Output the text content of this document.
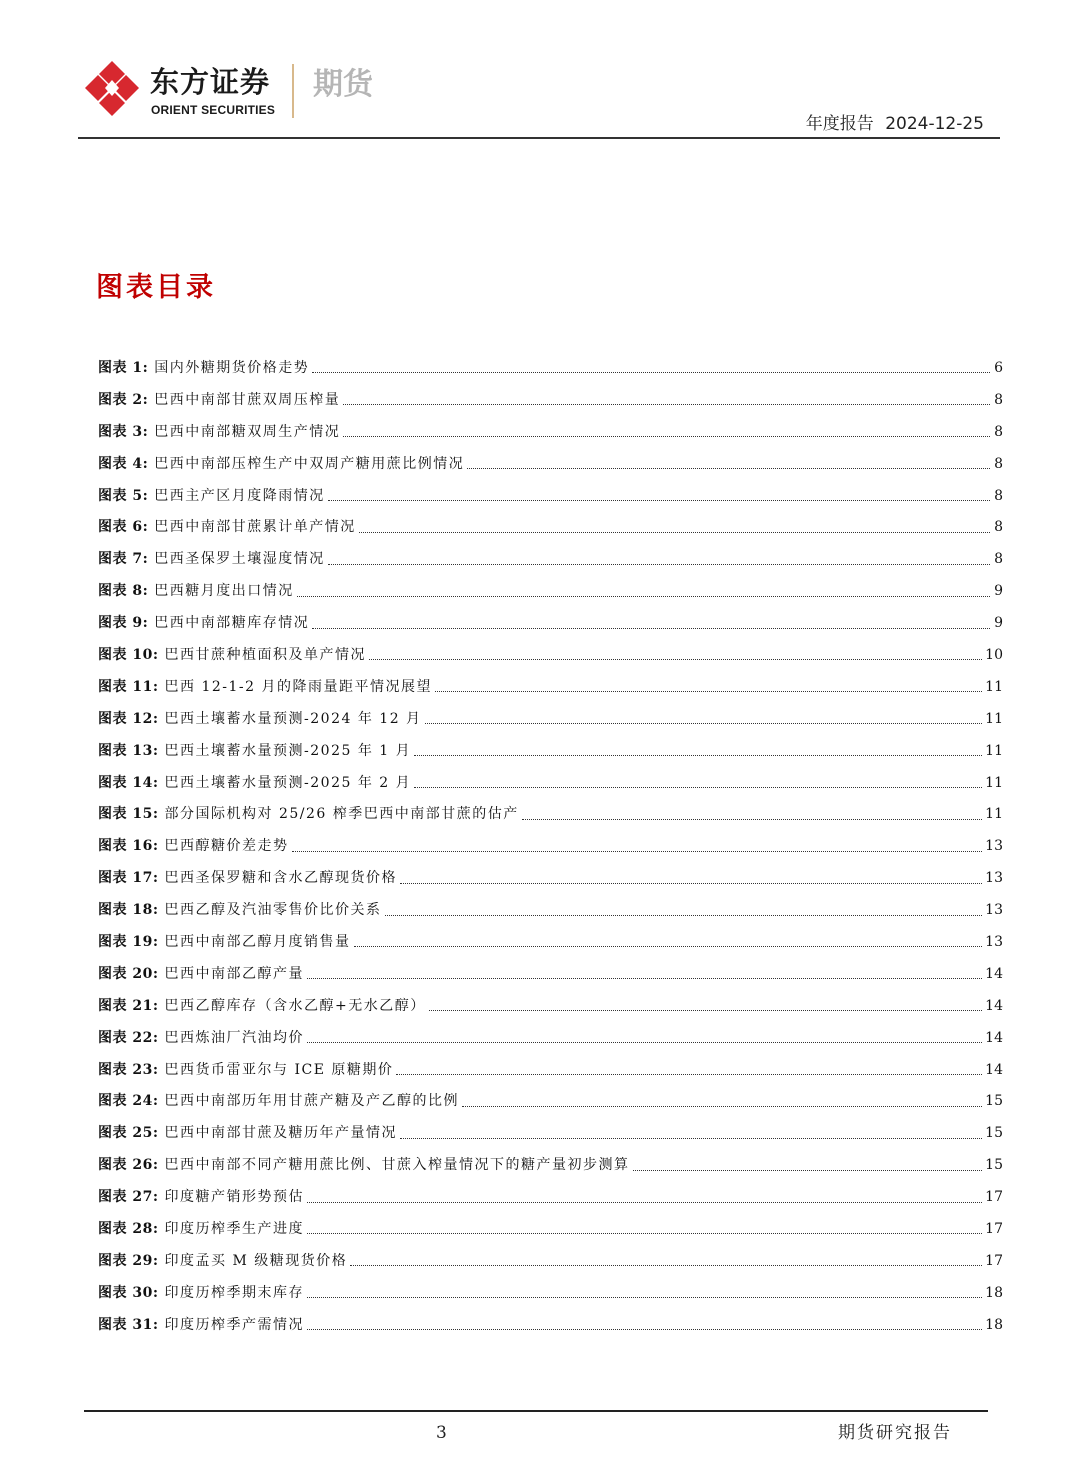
东方证券
ORIENT SECURITIES
期货
年度报告 2024-12-25
图表目录
图表 1: 国内外糖期货价格走势	6
图表 2: 巴西中南部甘蔗双周压榨量	8
图表 3: 巴西中南部糖双周生产情况	8
图表 4: 巴西中南部压榨生产中双周产糖用蔗比例情况	8
图表 5: 巴西主产区月度降雨情况	8
图表 6: 巴西中南部甘蔗累计单产情况	8
图表 7: 巴西圣保罗土壤湿度情况	8
图表 8: 巴西糖月度出口情况	9
图表 9: 巴西中南部糖库存情况	9
图表 10: 巴西甘蔗种植面积及单产情况	10
图表 11: 巴西 12-1-2 月的降雨量距平情况展望	11
图表 12: 巴西土壤蓄水量预测-2024 年 12 月	11
图表 13: 巴西土壤蓄水量预测-2025 年 1 月	11
图表 14: 巴西土壤蓄水量预测-2025 年 2 月	11
图表 15: 部分国际机构对 25/26 榨季巴西中南部甘蔗的估产	11
图表 16: 巴西醇糖价差走势	13
图表 17: 巴西圣保罗糖和含水乙醇现货价格	13
图表 18: 巴西乙醇及汽油零售价比价关系	13
图表 19: 巴西中南部乙醇月度销售量	13
图表 20: 巴西中南部乙醇产量	14
图表 21: 巴西乙醇库存（含水乙醇+无水乙醇）	14
图表 22: 巴西炼油厂汽油均价	14
图表 23: 巴西货币雷亚尔与 ICE 原糖期价	14
图表 24: 巴西中南部历年用甘蔗产糖及产乙醇的比例	15
图表 25: 巴西中南部甘蔗及糖历年产量情况	15
图表 26: 巴西中南部不同产糖用蔗比例、甘蔗入榨量情况下的糖产量初步测算	15
图表 27: 印度糖产销形势预估	17
图表 28: 印度历榨季生产进度	17
图表 29: 印度孟买 M 级糖现货价格	17
图表 30: 印度历榨季期末库存	18
图表 31: 印度历榨季产需情况	18
3	期货研究报告
